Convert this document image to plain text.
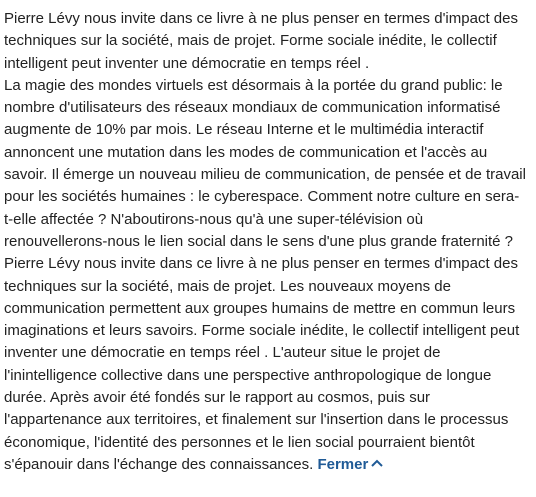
Pierre Lévy nous invite dans ce livre à ne plus penser en termes d'impact des techniques sur la société, mais de projet. Forme sociale inédite, le collectif intelligent peut inventer une démocratie en temps réel .

La magie des mondes virtuels est désormais à la portée du grand public: le nombre d'utilisateurs des réseaux mondiaux de communication informatisé augmente de 10% par mois. Le réseau Interne et le multimédia interactif annoncent une mutation dans les modes de communication et l'accès au savoir. Il émerge un nouveau milieu de communication, de pensée et de travail pour les sociétés humaines : le cyberespace. Comment notre culture en sera-t-elle affectée ? N'aboutirons-nous qu'à une super-télévision où renouvellerons-nous le lien social dans le sens d'une plus grande fraternité ? Pierre Lévy nous invite dans ce livre à ne plus penser en termes d'impact des techniques sur la société, mais de projet. Les nouveaux moyens de communication permettent aux groupes humains de mettre en commun leurs imaginations et leurs savoirs. Forme sociale inédite, le collectif intelligent peut inventer une démocratie en temps réel . L'auteur situe le projet de l'inintelligence collective dans une perspective anthropologique de longue durée. Après avoir été fondés sur le rapport au cosmos, puis sur l'appartenance aux territoires, et finalement sur l'insertion dans le processus économique, l'identité des personnes et le lien social pourraient bientôt s'épanouir dans l'échange des connaissances. Fermer
